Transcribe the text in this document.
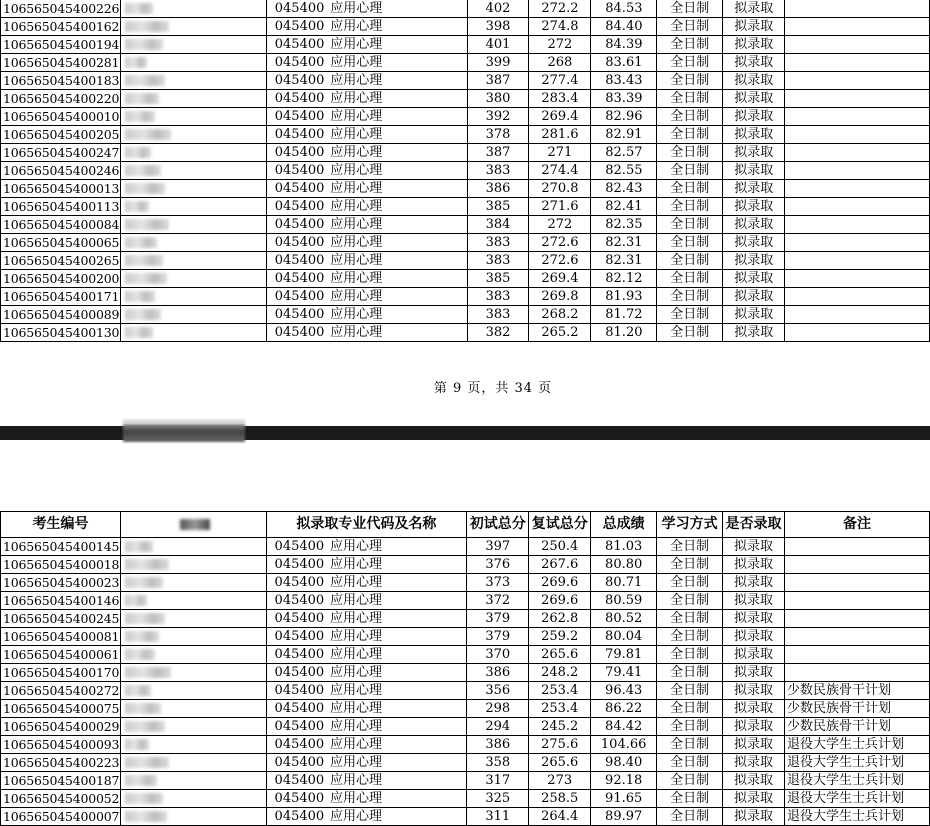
106565045400226		045400	应用心理	402	272.2	84.53	全日制	拟录取	
106565045400162		045400	应用心理	398	274.8	84.40	全日制	拟录取	
106565045400194		045400	应用心理	401	272	84.39	全日制	拟录取	
106565045400281		045400	应用心理	399	268	83.61	全日制	拟录取	
106565045400183		045400	应用心理	387	277.4	83.43	全日制	拟录取	
106565045400220		045400	应用心理	380	283.4	83.39	全日制	拟录取	
106565045400010		045400	应用心理	392	269.4	82.96	全日制	拟录取	
106565045400205		045400	应用心理	378	281.6	82.91	全日制	拟录取	
106565045400247		045400	应用心理	387	271	82.57	全日制	拟录取	
106565045400246		045400	应用心理	383	274.4	82.55	全日制	拟录取	
106565045400013		045400	应用心理	386	270.8	82.43	全日制	拟录取	
106565045400113		045400	应用心理	385	271.6	82.41	全日制	拟录取	
106565045400084		045400	应用心理	384	272	82.35	全日制	拟录取	
106565045400065		045400	应用心理	383	272.6	82.31	全日制	拟录取	
106565045400265		045400	应用心理	383	272.6	82.31	全日制	拟录取	
106565045400200		045400	应用心理	385	269.4	82.12	全日制	拟录取	
106565045400171		045400	应用心理	383	269.8	81.93	全日制	拟录取	
106565045400089		045400	应用心理	383	268.2	81.72	全日制	拟录取	
106565045400130		045400	应用心理	382	265.2	81.20	全日制	拟录取	
第 9 页，共 34 页
考生编号		拟录取专业代码及名称		初试总分	复试总分	总成绩	学习方式	是否录取	备注
106565045400145		045400	应用心理	397	250.4	81.03	全日制	拟录取	
106565045400018		045400	应用心理	376	267.6	80.80	全日制	拟录取	
106565045400023		045400	应用心理	373	269.6	80.71	全日制	拟录取	
106565045400146		045400	应用心理	372	269.6	80.59	全日制	拟录取	
106565045400245		045400	应用心理	379	262.8	80.52	全日制	拟录取	
106565045400081		045400	应用心理	379	259.2	80.04	全日制	拟录取	
106565045400061		045400	应用心理	370	265.6	79.81	全日制	拟录取	
106565045400170		045400	应用心理	386	248.2	79.41	全日制	拟录取	
106565045400272		045400	应用心理	356	253.4	96.43	全日制	拟录取	少数民族骨干计划
106565045400075		045400	应用心理	298	253.4	86.22	全日制	拟录取	少数民族骨干计划
106565045400029		045400	应用心理	294	245.2	84.42	全日制	拟录取	少数民族骨干计划
106565045400093		045400	应用心理	386	275.6	104.66	全日制	拟录取	退役大学生士兵计划
106565045400223		045400	应用心理	358	265.6	98.40	全日制	拟录取	退役大学生士兵计划
106565045400187		045400	应用心理	317	273	92.18	全日制	拟录取	退役大学生士兵计划
106565045400052		045400	应用心理	325	258.5	91.65	全日制	拟录取	退役大学生士兵计划
106565045400007		045400	应用心理	311	264.4	89.97	全日制	拟录取	退役大学生士兵计划
